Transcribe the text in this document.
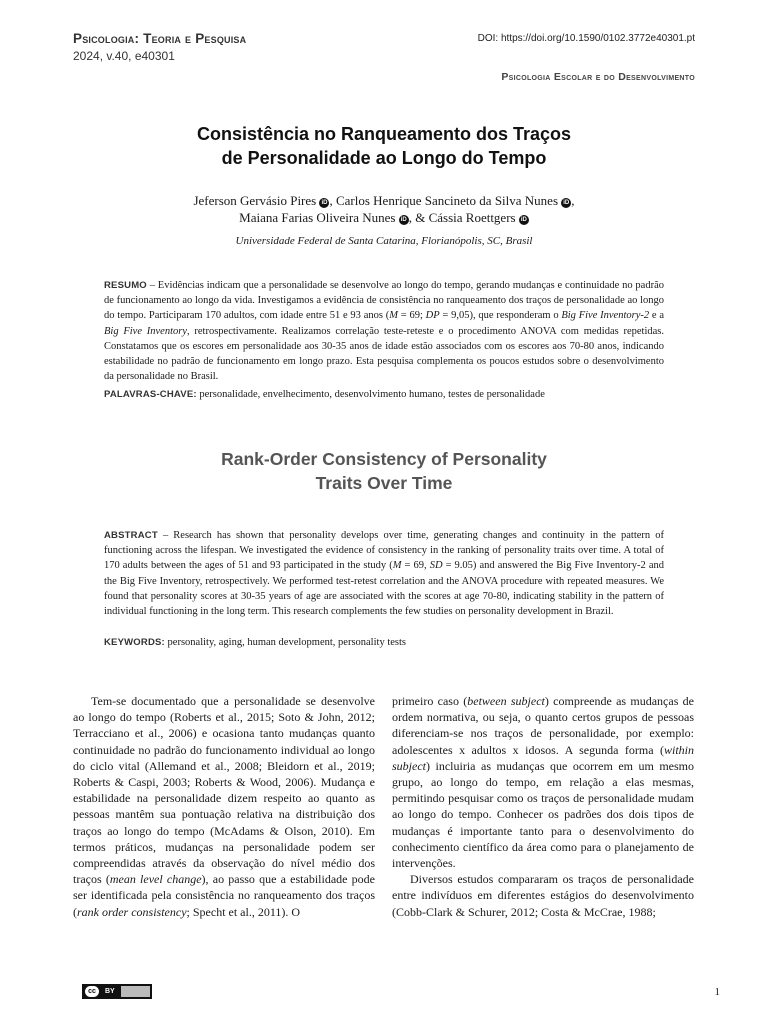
Psicologia: Teoria e Pesquisa
2024, v.40, e40301
DOI: https://doi.org/10.1590/0102.3772e40301.pt
Psicologia Escolar e do Desenvolvimento
Consistência no Ranqueamento dos Traços
de Personalidade ao Longo do Tempo
Jeferson Gervásio Pires iD , Carlos Henrique Sancineto da Silva Nunes iD ,
Maiana Farias Oliveira Nunes iD , & Cássia Roettgers iD
Universidade Federal de Santa Catarina, Florianópolis, SC, Brasil
RESUMO – Evidências indicam que a personalidade se desenvolve ao longo do tempo, gerando mudanças e continuidade no padrão de funcionamento ao longo da vida. Investigamos a evidência de consistência no ranqueamento dos traços de personalidade ao longo do tempo. Participaram 170 adultos, com idade entre 51 e 93 anos (M = 69; DP = 9,05), que responderam o Big Five Inventory-2 e a Big Five Inventory, retrospectivamente. Realizamos correlação teste-reteste e o procedimento ANOVA com medidas repetidas. Constatamos que os escores em personalidade aos 30-35 anos de idade estão associados com os escores aos 70-80 anos, indicando estabilidade no padrão de funcionamento em longo prazo. Esta pesquisa complementa os poucos estudos sobre o desenvolvimento da personalidade no Brasil.
PALAVRAS-CHAVE: personalidade, envelhecimento, desenvolvimento humano, testes de personalidade
Rank-Order Consistency of Personality
Traits Over Time
ABSTRACT – Research has shown that personality develops over time, generating changes and continuity in the pattern of functioning across the lifespan. We investigated the evidence of consistency in the ranking of personality traits over time. A total of 170 adults between the ages of 51 and 93 participated in the study (M = 69, SD = 9.05) and answered the Big Five Inventory-2 and the Big Five Inventory, retrospectively. We performed test-retest correlation and the ANOVA procedure with repeated measures. We found that personality scores at 30-35 years of age are associated with the scores at age 70-80, indicating stability in the pattern of individual functioning in the long term. This research complements the few studies on personality development in Brazil.
KEYWORDS: personality, aging, human development, personality tests

Tem-se documentado que a personalidade se desenvolve ao longo do tempo (Roberts et al., 2015; Soto & John, 2012; Terracciano et al., 2006) e ocasiona tanto mudanças quanto continuidade no padrão do funcionamento individual ao longo do ciclo vital (Allemand et al., 2008; Bleidorn et al., 2019; Roberts & Caspi, 2003; Roberts & Wood, 2006). Mudança e estabilidade na personalidade dizem respeito ao quanto as pessoas mantêm sua pontuação relativa na distribuição dos traços ao longo do tempo (McAdams & Olson, 2010). Em termos práticos, mudanças na personalidade podem ser compreendidas através da observação do nível médio dos traços (mean level change), ao passo que a estabilidade pode ser identificada pela consistência no ranqueamento dos traços (rank order consistency; Specht et al., 2011). O

primeiro caso (between subject) compreende as mudanças de ordem normativa, ou seja, o quanto certos grupos de pessoas diferenciam-se nos traços de personalidade, por exemplo: adolescentes x adultos x idosos. A segunda forma (within subject) incluiria as mudanças que ocorrem em um mesmo grupo, ao longo do tempo, em relação a elas mesmas, permitindo pesquisar como os traços de personalidade mudam ao longo do tempo. Conhecer os padrões dos dois tipos de mudanças é importante tanto para o desenvolvimento do conhecimento científico da área como para o planejamento de intervenções.

Diversos estudos compararam os traços de personalidade entre indivíduos em diferentes estágios do desenvolvimento (Cobb-Clark & Schurer, 2012; Costa & McCrae, 1988;

cc	BY	1
